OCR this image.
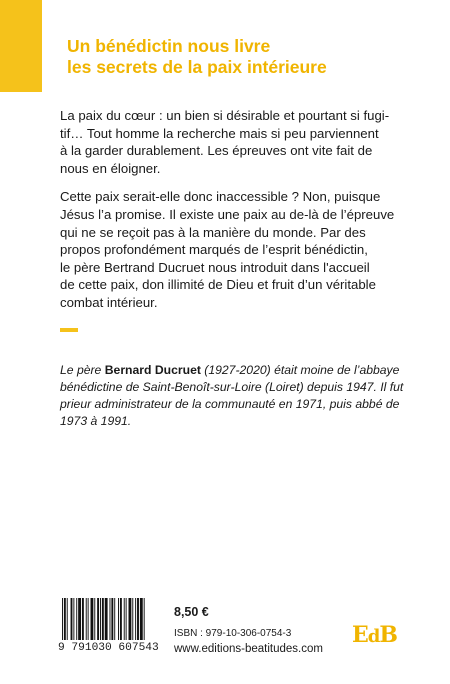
Un bénédictin nous livre
les secrets de la paix intérieure

La paix du cœur : un bien si désirable et pourtant si fugi-
tif… Tout homme la recherche mais si peu parviennent
à la garder durablement. Les épreuves ont vite fait de
nous en éloigner.

Cette paix serait-elle donc inaccessible ? Non, puisque
Jésus l’a promise. Il existe une paix au de-là de l’épreuve
qui ne se reçoit pas à la manière du monde. Par des
propos profondément marqués de l’esprit bénédictin,
le père Bertrand Ducruet nous introduit dans l'accueil
de cette paix, don illimité de Dieu et fruit d’un véritable
combat intérieur.

Le père Bernard Ducruet (1927-2020) était moine de l’abbaye
bénédictine de Saint-Benoît-sur-Loire (Loiret) depuis 1947. Il fut
prieur administrateur de la communauté en 1971, puis abbé de
1973 à 1991.
9 791030 607543
8,50 €
ISBN : 979-10-306-0754-3
www.editions-beatitudes.com
EdB
